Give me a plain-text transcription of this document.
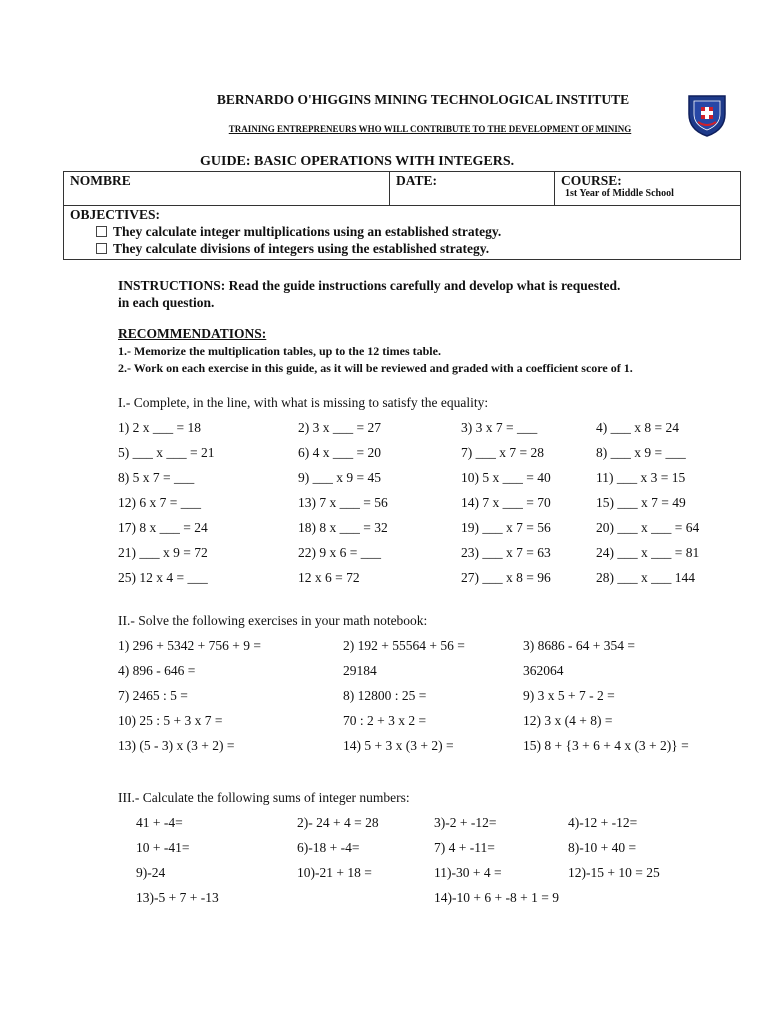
BERNARDO O'HIGGINS MINING TECHNOLOGICAL INSTITUTE
TRAINING ENTREPRENEURS WHO WILL CONTRIBUTE TO THE DEVELOPMENT OF MINING
GUIDE: BASIC OPERATIONS WITH INTEGERS.
NOMBRE	DATE:	COURSE:
1st Year of Middle School

OBJECTIVES:
They calculate integer multiplications using an established strategy.
They calculate divisions of integers using the established strategy.
INSTRUCTIONS: Read the guide instructions carefully and develop what is requested.
in each question.
RECOMMENDATIONS:
1.- Memorize the multiplication tables, up to the 12 times table.
2.- Work on each exercise in this guide, as it will be reviewed and graded with a coefficient score of 1.
I.- Complete, in the line, with what is missing to satisfy the equality:
1) 2 x ___ = 18	2) 3 x ___ = 27	3) 3 x 7 = ___	4) ___ x 8 = 24
5) ___ x ___ = 21	6) 4 x ___ = 20	7) ___ x 7 = 28	8) ___ x 9 = ___
8) 5 x 7 = ___	9) ___ x 9 = 45	10) 5 x ___ = 40	11) ___ x 3 = 15
12) 6 x 7 = ___	13) 7 x ___ = 56	14) 7 x ___ = 70	15) ___ x 7 = 49
17) 8 x ___ = 24	18) 8 x ___ = 32	19) ___ x 7 = 56	20) ___ x ___ = 64
21) ___ x 9 = 72	22) 9 x 6 = ___	23) ___ x 7 = 63	24) ___ x ___ = 81
25) 12 x 4 = ___	12 x 6 = 72	27) ___ x 8 = 96	28) ___ x ___ 144
II.- Solve the following exercises in your math notebook:
1) 296 + 5342 + 756 + 9 =	2) 192 + 55564 + 56 =	3) 8686 - 64 + 354 =
4) 896 - 646 =	29184	362064
7) 2465 : 5 =	8) 12800 : 25 =	9) 3 x 5 + 7 - 2 =
10) 25 : 5 + 3 x 7 =	70 : 2 + 3 x 2 =	12) 3 x (4 + 8) =
13) (5 - 3) x (3 + 2) =	14) 5 + 3 x (3 + 2) =	15) 8 + {3 + 6 + 4 x (3 + 2)} =
III.- Calculate the following sums of integer numbers:
41 + -4=	2)- 24 + 4 = 28	3)-2 + -12=	4)-12 + -12=
10 + -41=	6)-18 + -4=	7) 4 + -11=	8)-10 + 40 =
9)-24	10)-21 + 18 =	11)-30 + 4 =	12)-15 + 10 = 25
13)-5 + 7 + -13	14)-10 + 6 + -8 + 1 = 9
